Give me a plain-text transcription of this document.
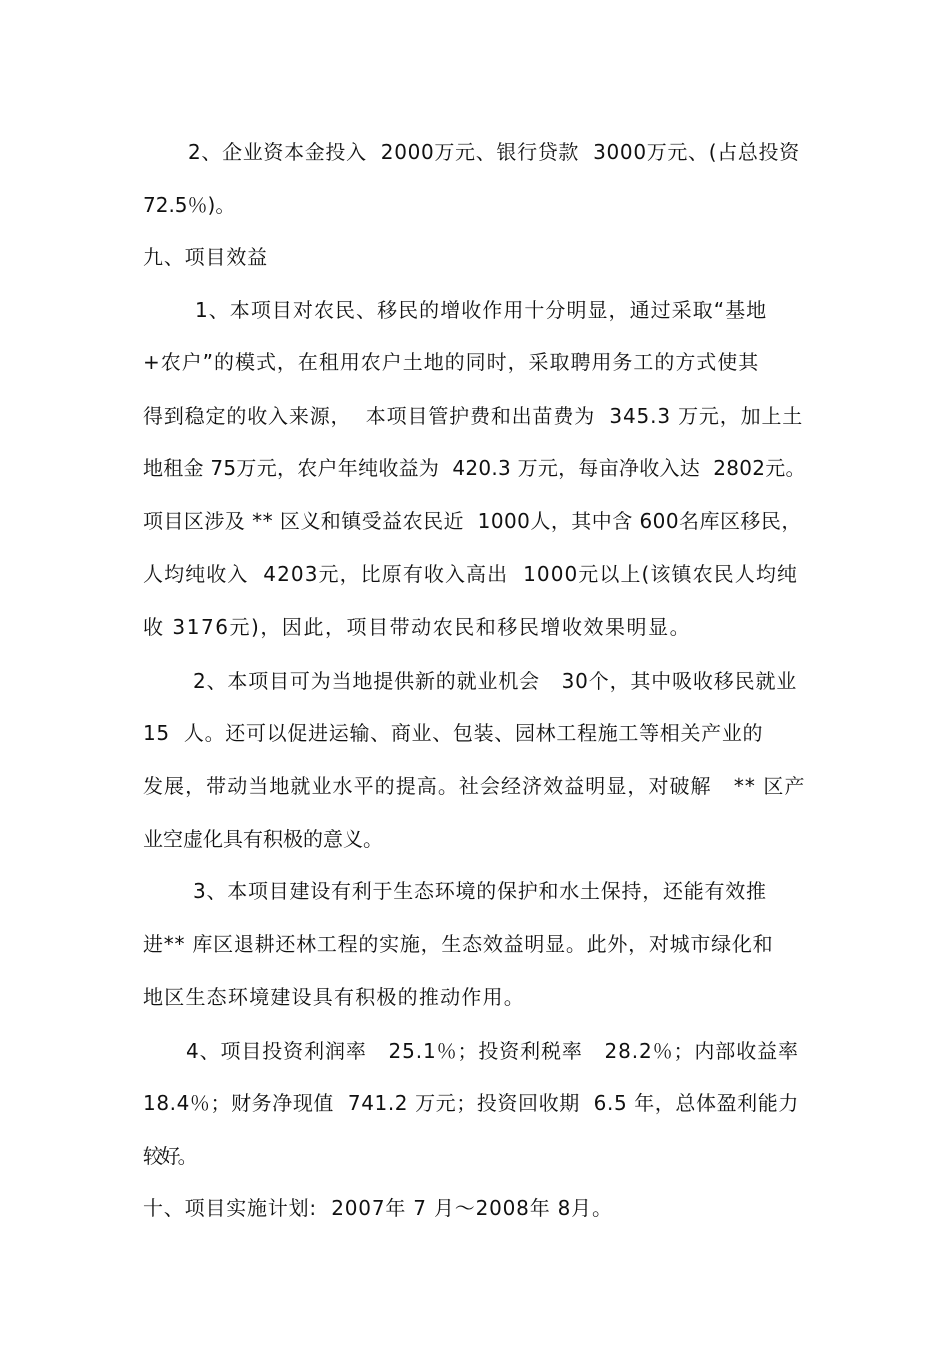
2、企业资本金投入  2000万元、银行贷款  3000万元、(占总投资
72.5％)。
九、项目效益
1、本项目对农民、移民的增收作用十分明显，通过采取“基地
+农户”的模式，在租用农户土地的同时，采取聘用务工的方式使其
得到稳定的收入来源，  本项目管护费和出苗费为  345.3 万元，加上土
地租金 75万元，农户年纯收益为  420.3 万元，每亩净收入达  2802元。
项目区涉及 ** 区义和镇受益农民近  1000人，其中含 600名库区移民，
人均纯收入  4203元，比原有收入高出  1000元以上(该镇农民人均纯
收 3176元)，因此，项目带动农民和移民增收效果明显。
2、本项目可为当地提供新的就业机会   30个，其中吸收移民就业
15  人。还可以促进运输、商业、包装、园林工程施工等相关产业的
发展，带动当地就业水平的提高。社会经济效益明显，对破解   ** 区产
业空虚化具有积极的意义。
3、本项目建设有利于生态环境的保护和水土保持，还能有效推
进** 库区退耕还林工程的实施，生态效益明显。此外，对城市绿化和
地区生态环境建设具有积极的推动作用。
4、项目投资利润率   25.1％；投资利税率   28.2％；内部收益率
18.4％；财务净现值  741.2 万元；投资回收期  6.5 年，总体盈利能力
较好。
十、项目实施计划:  2007年 7 月～2008年 8月。
